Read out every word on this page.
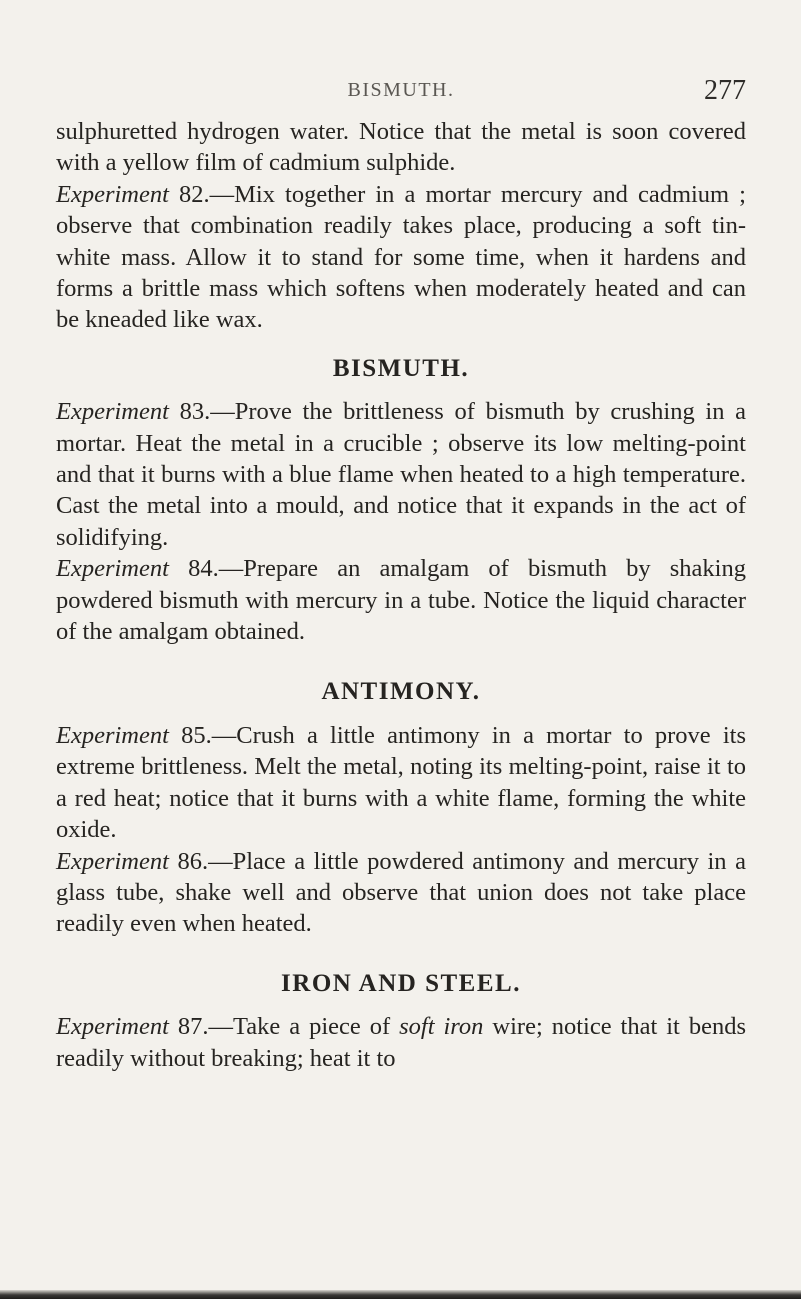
BISMUTH.	277

sulphuretted hydrogen water. Notice that the metal is soon covered with a yellow film of cadmium sulphide.

Experiment 82.—Mix together in a mortar mercury and cadmium ; observe that combination readily takes place, producing a soft tin-white mass. Allow it to stand for some time, when it hardens and forms a brittle mass which softens when moderately heated and can be kneaded like wax.

BISMUTH.

Experiment 83.—Prove the brittleness of bismuth by crushing in a mortar. Heat the metal in a crucible ; observe its low melting-point and that it burns with a blue flame when heated to a high temperature. Cast the metal into a mould, and notice that it expands in the act of solidifying.

Experiment 84.—Prepare an amalgam of bismuth by shaking powdered bismuth with mercury in a tube. Notice the liquid character of the amalgam obtained.

ANTIMONY.

Experiment 85.—Crush a little antimony in a mortar to prove its extreme brittleness. Melt the metal, noting its melting-point, raise it to a red heat; notice that it burns with a white flame, forming the white oxide.

Experiment 86.—Place a little powdered antimony and mercury in a glass tube, shake well and observe that union does not take place readily even when heated.

IRON AND STEEL.

Experiment 87.—Take a piece of soft iron wire; notice that it bends readily without breaking; heat it to
